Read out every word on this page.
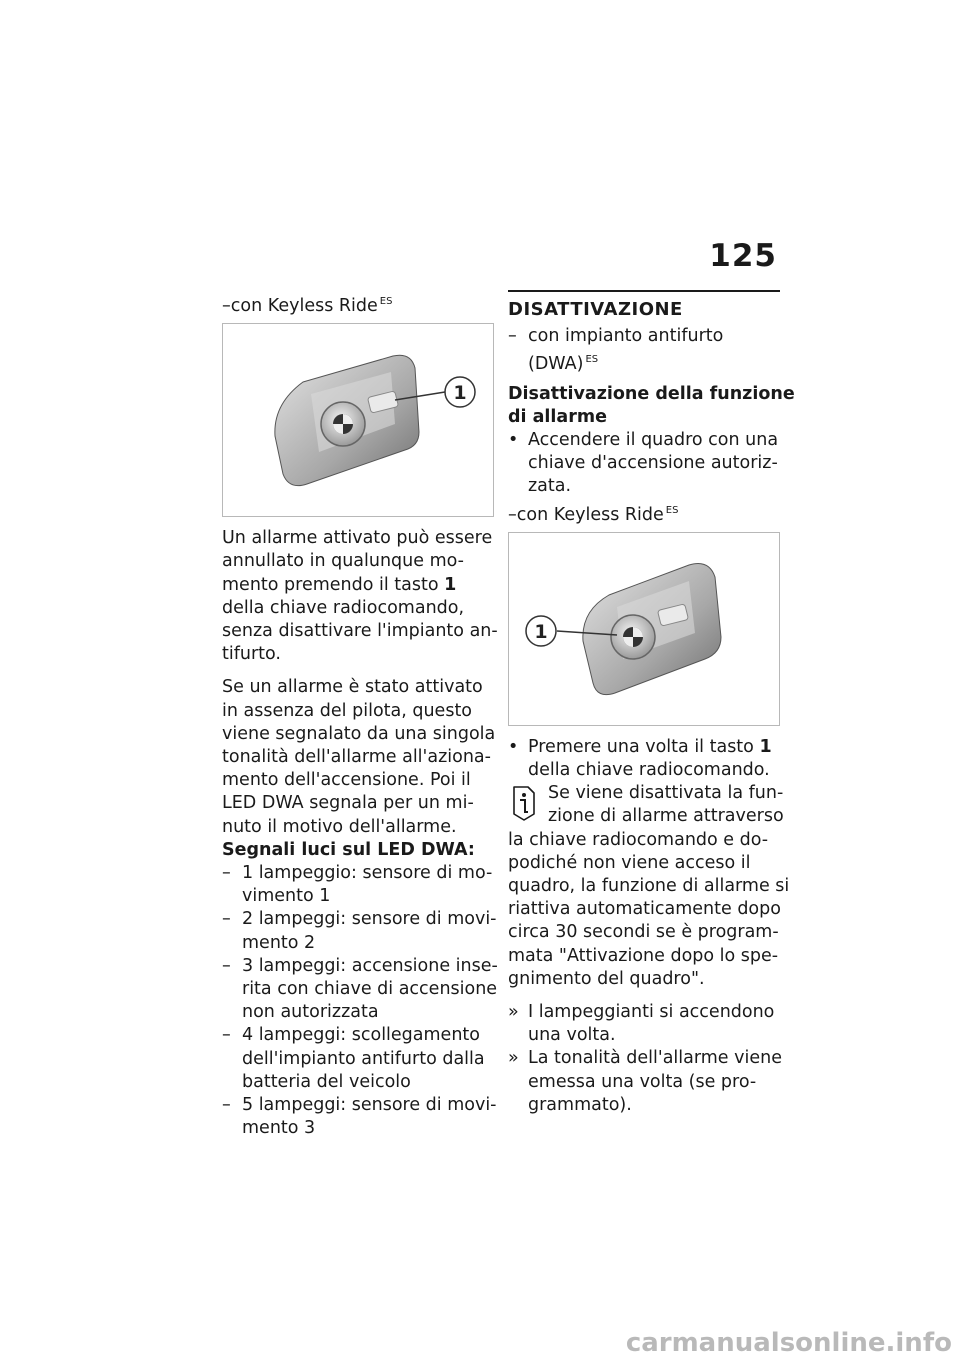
125
–con Keyless Ride $^{ES}$
1
Un allarme attivato può essere
annullato in qualunque mo-
mento premendo il tasto 1
della chiave radiocomando,
senza disattivare l'impianto an-
tifurto.
Se un allarme è stato attivato
in assenza del pilota, questo
viene segnalato da una singola
tonalità dell'allarme all'aziona-
mento dell'accensione. Poi il
LED DWA segnala per un mi-
nuto il motivo dell'allarme.
Segnali luci sul LED DWA:
– 1 lampeggio: sensore di mo-
vimento 1
– 2 lampeggi: sensore di movi-
mento 2
– 3 lampeggi: accensione inse-
rita con chiave di accensione
non autorizzata
– 4 lampeggi: scollegamento
dell'impianto antifurto dalla
batteria del veicolo
– 5 lampeggi: sensore di movi-
mento 3
DISATTIVAZIONE
– con impianto antifurto
(DWA) $^{ES}$
Disattivazione della funzione
di allarme
• Accendere il quadro con una
chiave d'accensione autoriz-
zata.
–con Keyless Ride $^{ES}$
1
• Premere una volta il tasto 1
della chiave radiocomando.
Se viene disattivata la fun-
zione di allarme attraverso
la chiave radiocomando e do-
podiché non viene acceso il
quadro, la funzione di allarme si
riattiva automaticamente dopo
circa 30 secondi se è program-
mata "Attivazione dopo lo spe-
gnimento del quadro".
» I lampeggianti si accendono
una volta.
» La tonalità dell'allarme viene
emessa una volta (se pro-
grammato).
carmanualsonline.info
